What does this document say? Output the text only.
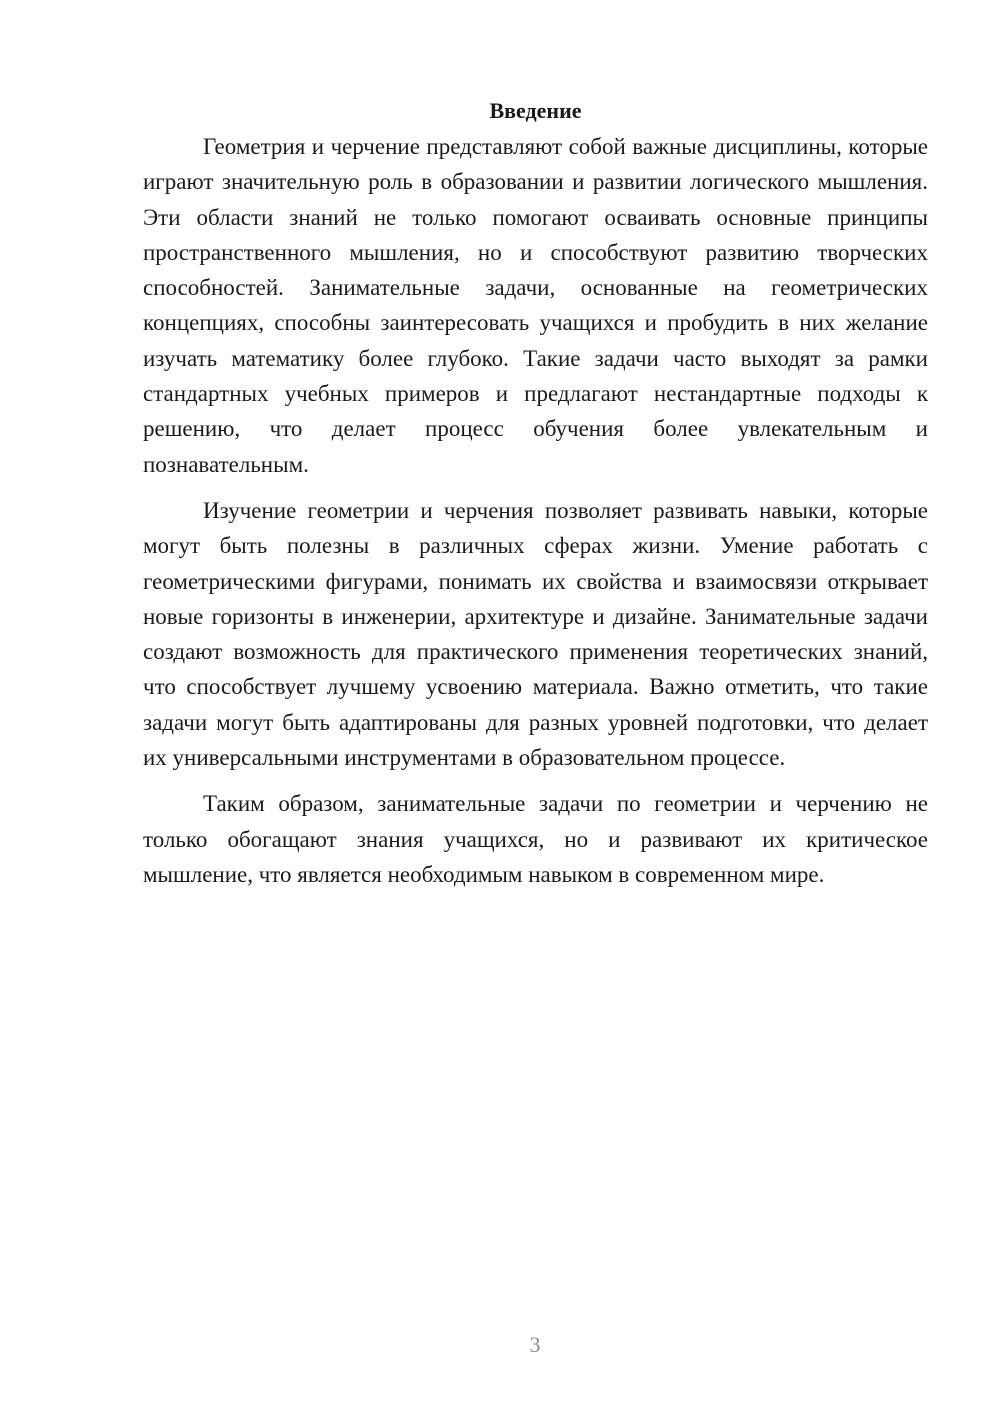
Введение

Геометрия и черчение представляют собой важные дисциплины, которые играют значительную роль в образовании и развитии логического мышления. Эти области знаний не только помогают осваивать основные принципы пространственного мышления, но и способствуют развитию творческих способностей. Занимательные задачи, основанные на геометрических концепциях, способны заинтересовать учащихся и пробудить в них желание изучать математику более глубоко. Такие задачи часто выходят за рамки стандартных учебных примеров и предлагают нестандартные подходы к решению, что делает процесс обучения более увлекательным и познавательным.

Изучение геометрии и черчения позволяет развивать навыки, которые могут быть полезны в различных сферах жизни. Умение работать с геометрическими фигурами, понимать их свойства и взаимосвязи открывает новые горизонты в инженерии, архитектуре и дизайне. Занимательные задачи создают возможность для практического применения теоретических знаний, что способствует лучшему усвоению материала. Важно отметить, что такие задачи могут быть адаптированы для разных уровней подготовки, что делает их универсальными инструментами в образовательном процессе.

Таким образом, занимательные задачи по геометрии и черчению не только обогащают знания учащихся, но и развивают их критическое мышление, что является необходимым навыком в современном мире.

3
